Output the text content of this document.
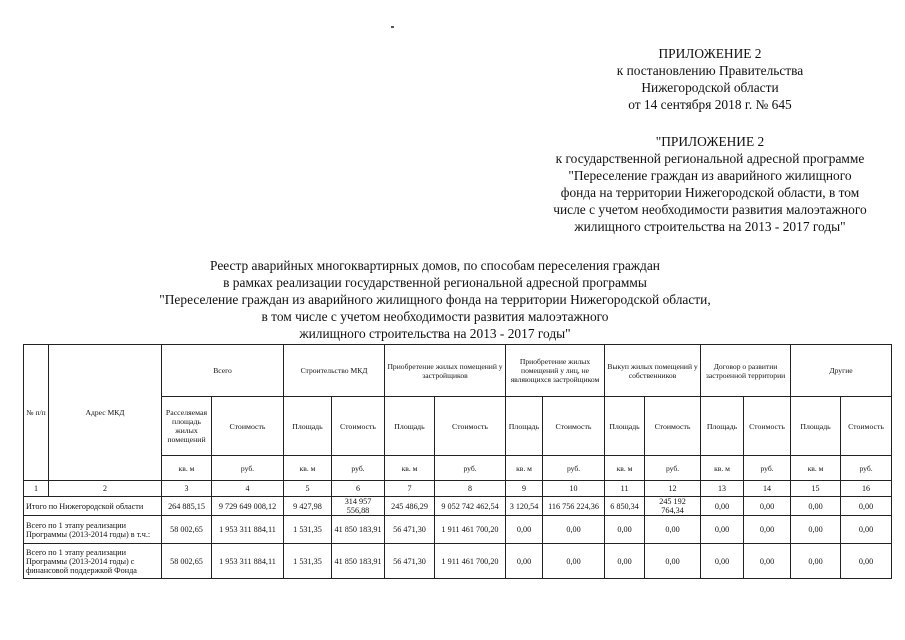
ПРИЛОЖЕНИЕ 2
к постановлению Правительства
Нижегородской области
от 14 сентября 2018 г. № 645
"ПРИЛОЖЕНИЕ 2
к государственной региональной адресной программе
"Переселение граждан из аварийного жилищного
фонда на территории Нижегородской области, в том
числе с учетом необходимости развития малоэтажного
жилищного строительства на 2013 - 2017 годы"
Реестр аварийных многоквартирных домов, по способам переселения граждан
в рамках реализации государственной региональной адресной программы
"Переселение граждан из аварийного жилищного фонда на территории Нижегородской области,
в том числе с учетом необходимости развития малоэтажного
жилищного строительства на 2013 - 2017 годы"
№ п/п	Адрес МКД	Всего		Строительство МКД		Приобретение жилых помещений у застройщиков		Приобретение жилых помещений у лиц, не являющихся застройщиком		Выкуп жилых помещений у собственников		Договор о развитии застроенной территории		Другие	
		Расселяемая площадь жилых помещений	Стоимость	Площадь	Стоимость	Площадь	Стоимость	Площадь	Стоимость	Площадь	Стоимость	Площадь	Стоимость	Площадь	Стоимость
		кв. м	руб.	кв. м	руб.	кв. м	руб.	кв. м	руб.	кв. м	руб.	кв. м	руб.	кв. м	руб.
1	2	3	4	5	6	7	8	9	10	11	12	13	14	15	16
Итого по Нижегородской области		264 885,15	9 729 649 008,12	9 427,98	314 957 556,88	245 486,29	9 052 742 462,54	3 120,54	116 756 224,36	6 850,34	245 192 764,34	0,00	0,00	0,00	0,00
Всего по 1 этапу реализации Программы (2013-2014 годы) в т.ч.:		58 002,65	1 953 311 884,11	1 531,35	41 850 183,91	56 471,30	1 911 461 700,20	0,00	0,00	0,00	0,00	0,00	0,00	0,00	0,00
Всего по 1 этапу реализации Программы (2013-2014 годы) с финансовой поддержкой Фонда		58 002,65	1 953 311 884,11	1 531,35	41 850 183,91	56 471,30	1 911 461 700,20	0,00	0,00	0,00	0,00	0,00	0,00	0,00	0,00
